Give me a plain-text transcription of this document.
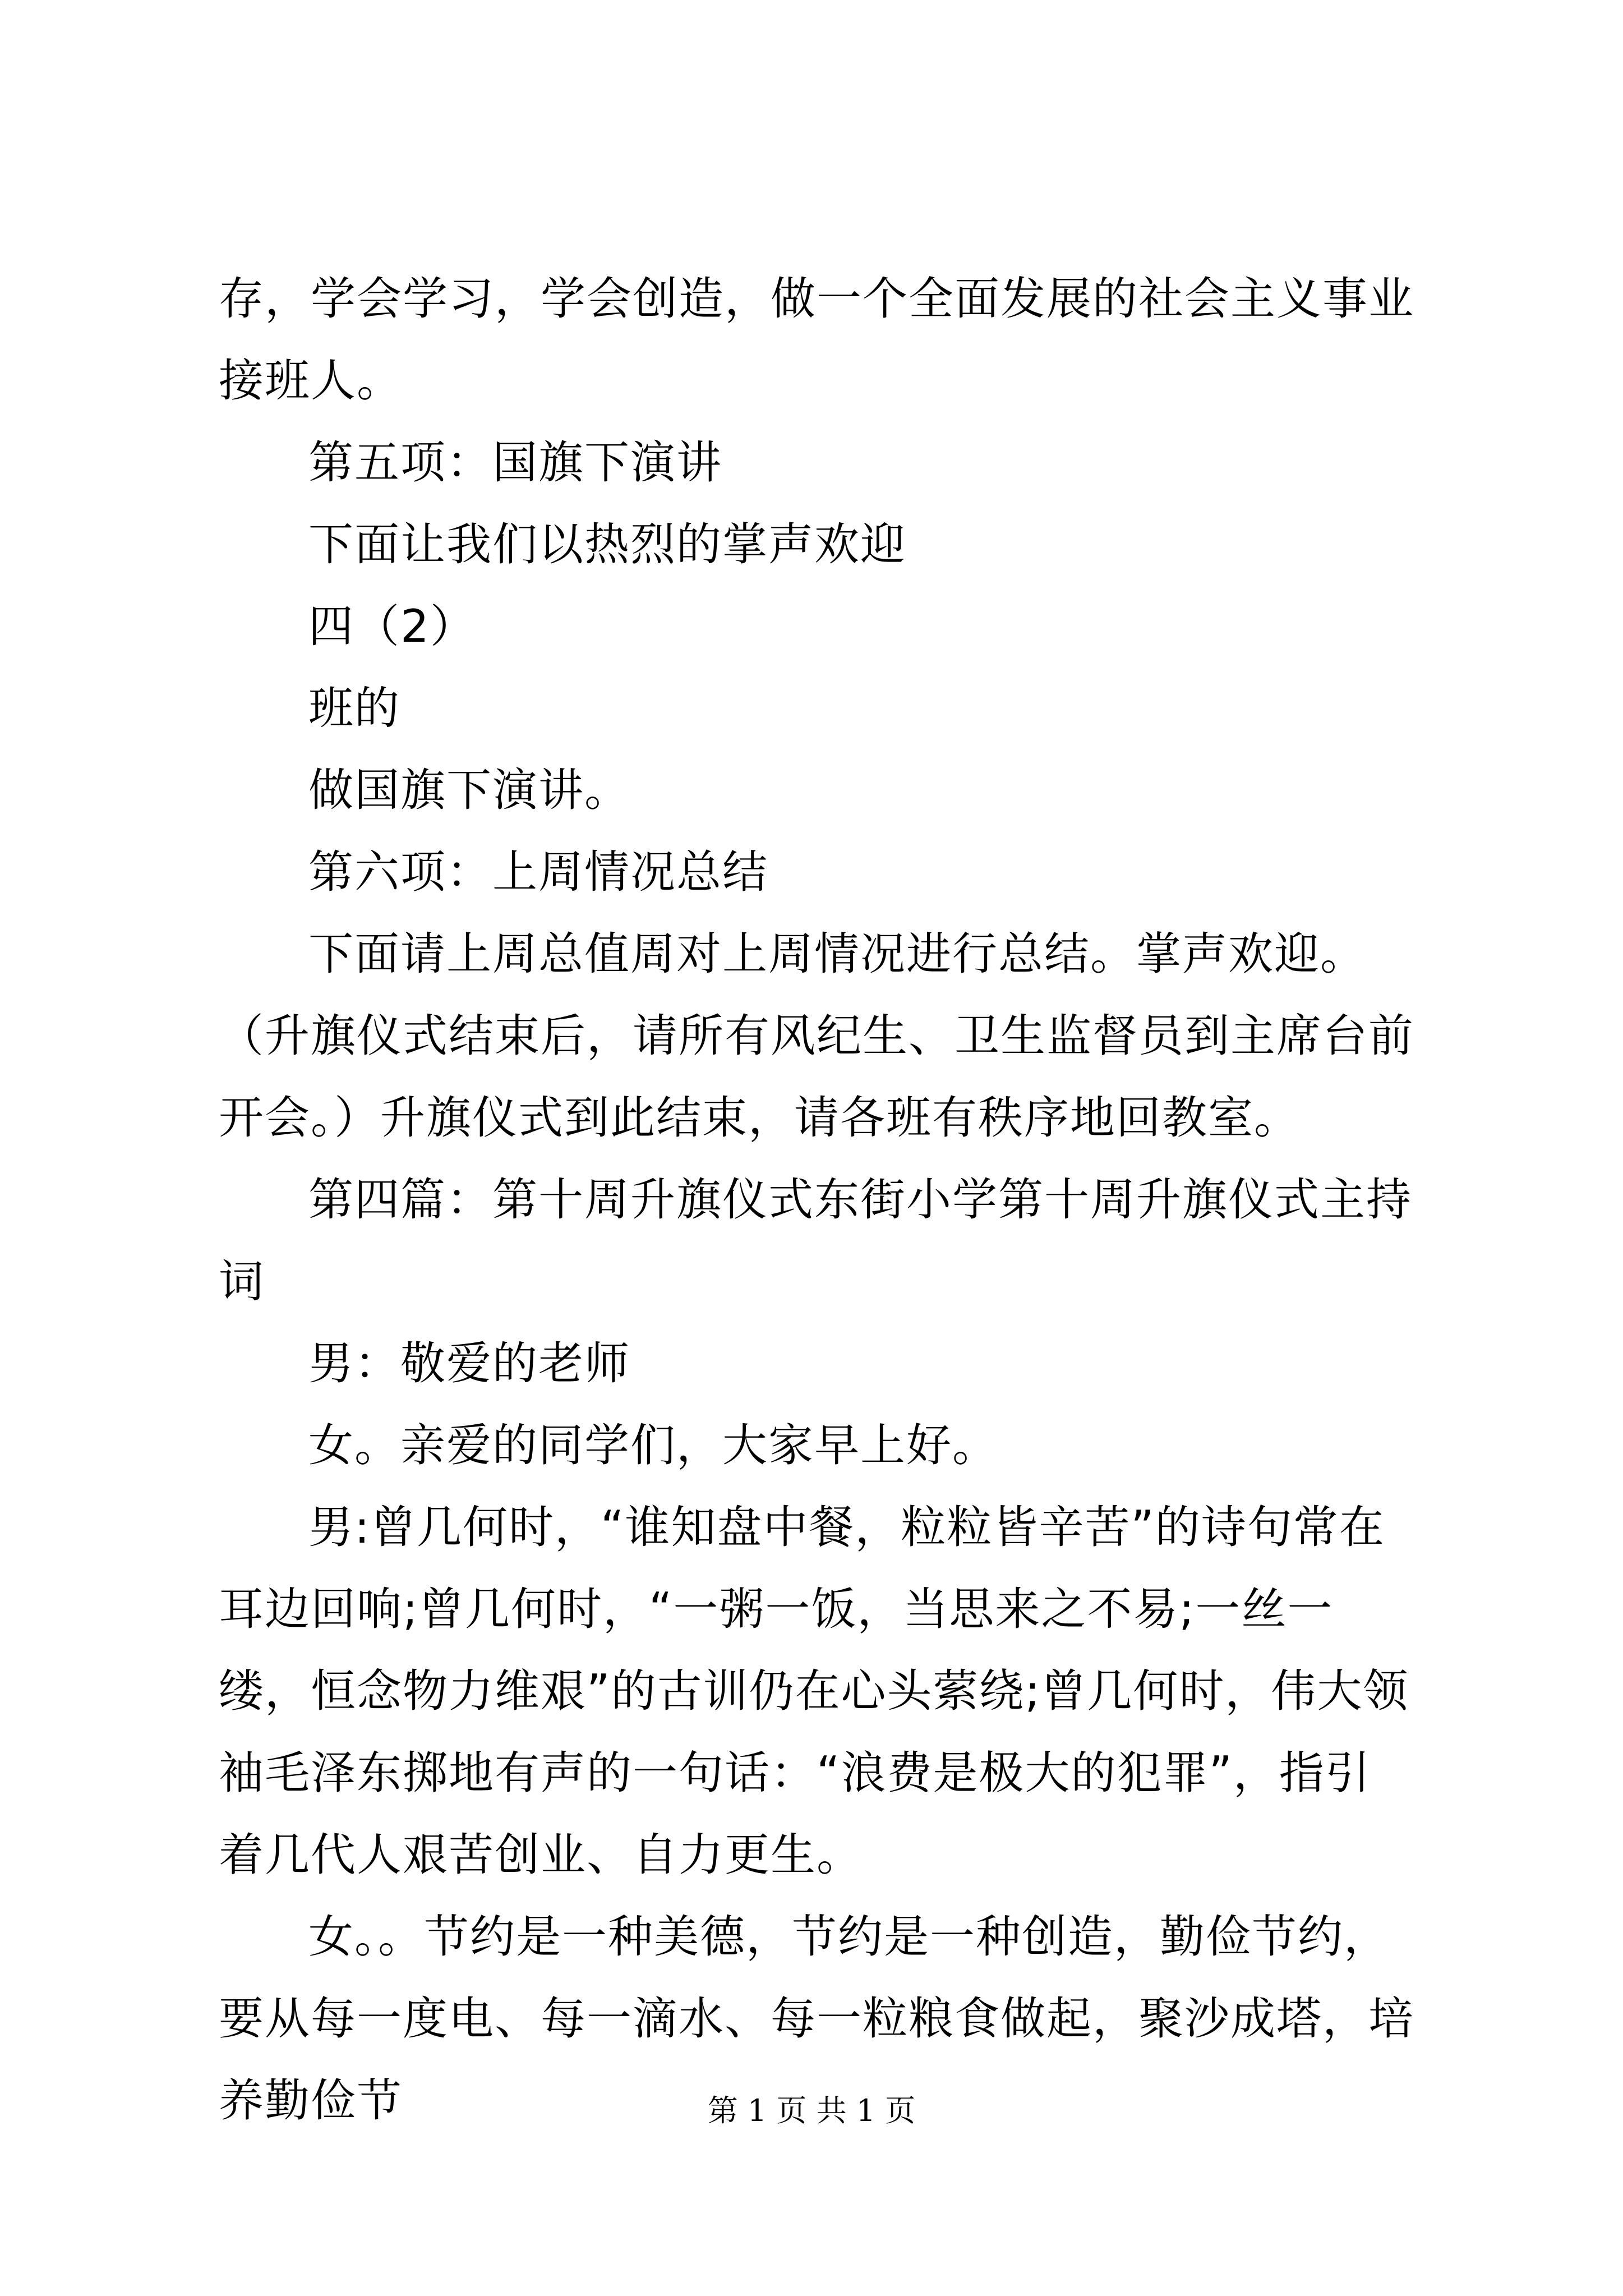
存，学会学习，学会创造，做一个全面发展的社会主义事业接班人。

第五项：国旗下演讲

下面让我们以热烈的掌声欢迎

四（2）

班的

做国旗下演讲。

第六项：上周情况总结

下面请上周总值周对上周情况进行总结。掌声欢迎。（升旗仪式结束后，请所有风纪生、卫生监督员到主席台前开会。）升旗仪式到此结束，请各班有秩序地回教室。

第四篇：第十周升旗仪式东街小学第十周升旗仪式主持词

男：敬爱的老师

女。亲爱的同学们，大家早上好。

男:曾几何时，“谁知盘中餐，粒粒皆辛苦”的诗句常在耳边回响;曾几何时，“一粥一饭，当思来之不易;一丝一缕，恒念物力维艰”的古训仍在心头萦绕;曾几何时，伟大领袖毛泽东掷地有声的一句话：“浪费是极大的犯罪”，指引着几代人艰苦创业、自力更生。

女。。节约是一种美德，节约是一种创造，勤俭节约，要从每一度电、每一滴水、每一粒粮食做起，聚沙成塔，培养勤俭节	第 1 页 共 1 页
